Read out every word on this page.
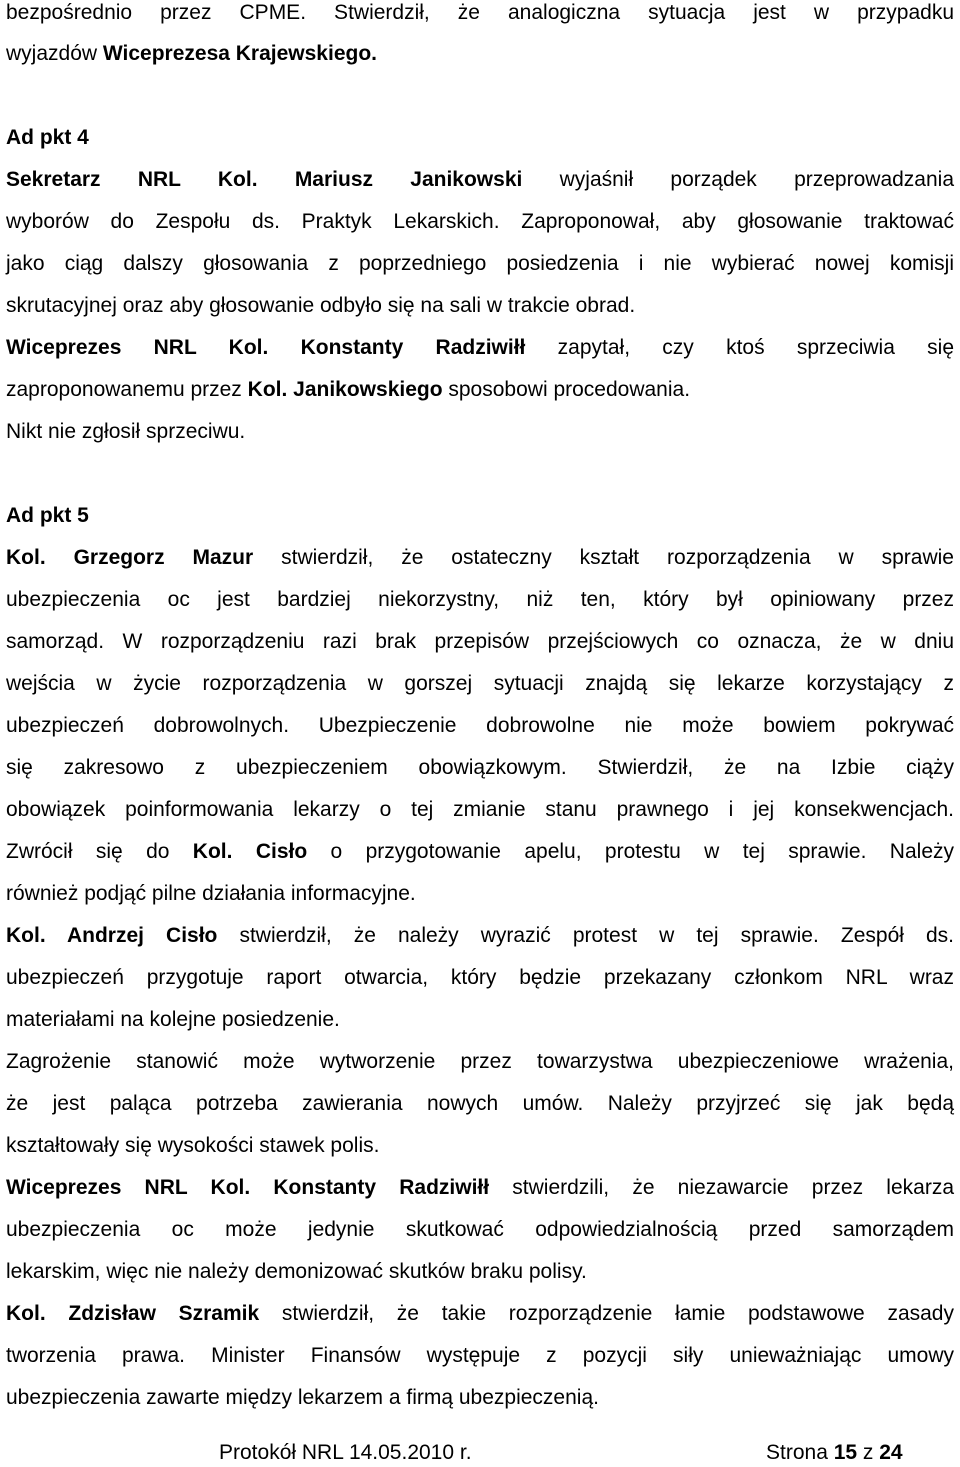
bezpośrednio przez CPME. Stwierdził, że analogiczna sytuacja jest w przypadku
wyjazdów Wiceprezesa Krajewskiego.
Ad pkt 4
Sekretarz NRL Kol. Mariusz Janikowski wyjaśnił porządek przeprowadzania
wyborów do Zespołu ds. Praktyk Lekarskich. Zaproponował, aby głosowanie traktować
jako ciąg dalszy głosowania z poprzedniego posiedzenia i nie wybierać nowej komisji
skrutacyjnej oraz aby głosowanie odbyło się na sali w trakcie obrad.
Wiceprezes NRL Kol. Konstanty Radziwiłł zapytał, czy ktoś sprzeciwia się
zaproponowanemu przez Kol. Janikowskiego sposobowi procedowania.
Nikt nie zgłosił sprzeciwu.
Ad pkt 5
Kol. Grzegorz Mazur stwierdził, że ostateczny kształt rozporządzenia w sprawie
ubezpieczenia oc jest bardziej niekorzystny, niż ten, który był opiniowany przez
samorząd. W rozporządzeniu razi brak przepisów przejściowych co oznacza, że w dniu
wejścia w życie rozporządzenia w gorszej sytuacji znajdą się lekarze korzystający z
ubezpieczeń dobrowolnych. Ubezpieczenie dobrowolne nie może bowiem pokrywać
się zakresowo z ubezpieczeniem obowiązkowym. Stwierdził, że na Izbie ciąży
obowiązek poinformowania lekarzy o tej zmianie stanu prawnego i jej konsekwencjach.
Zwrócił się do Kol. Cisło o przygotowanie apelu, protestu w tej sprawie. Należy
również podjąć pilne działania informacyjne.
Kol. Andrzej Cisło stwierdził, że należy wyrazić protest w tej sprawie. Zespół ds.
ubezpieczeń przygotuje raport otwarcia, który będzie przekazany członkom NRL wraz
materiałami na kolejne posiedzenie.
Zagrożenie stanowić może wytworzenie przez towarzystwa ubezpieczeniowe wrażenia,
że jest paląca potrzeba zawierania nowych umów. Należy przyjrzeć się jak będą
kształtowały się wysokości stawek polis.
Wiceprezes NRL Kol. Konstanty Radziwiłł stwierdzili, że niezawarcie przez lekarza
ubezpieczenia oc może jedynie skutkować odpowiedzialnością przed samorządem
lekarskim, więc nie należy demonizować skutków braku polisy.
Kol. Zdzisław Szramik stwierdził, że takie rozporządzenie łamie podstawowe zasady
tworzenia prawa. Minister Finansów występuje z pozycji siły unieważniając umowy
ubezpieczenia zawarte między lekarzem a firmą ubezpieczenią.
Protokół NRL 14.05.2010 r.	Strona 15 z 24
